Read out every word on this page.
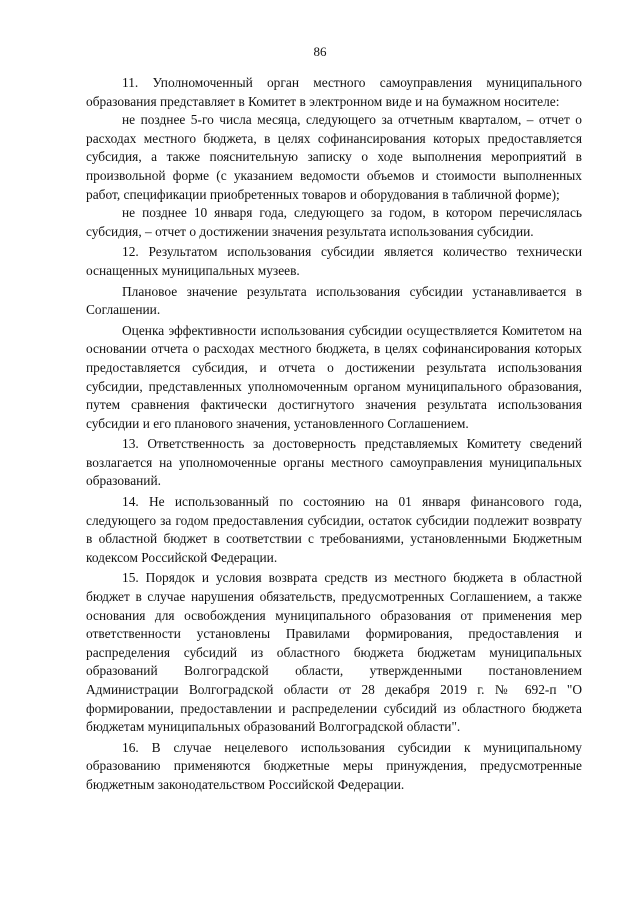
86

11. Уполномоченный орган местного самоуправления муниципального образования представляет в Комитет в электронном виде и на бумажном носителе:

не позднее 5-го числа месяца, следующего за отчетным кварталом, – отчет о расходах местного бюджета, в целях софинансирования которых предоставляется субсидия, а также пояснительную записку о ходе выполнения мероприятий в произвольной форме (с указанием ведомости объемов и стоимости выполненных работ, спецификации приобретенных товаров и оборудования в табличной форме);

не позднее 10 января года, следующего за годом, в котором перечислялась субсидия, – отчет о достижении значения результата использования субсидии.

12. Результатом использования субсидии является количество технически оснащенных муниципальных музеев.

Плановое значение результата использования субсидии устанавливается в Соглашении.

Оценка эффективности использования субсидии осуществляется Комитетом на основании отчета о расходах местного бюджета, в целях софинансирования которых предоставляется субсидия, и отчета о достижении результата использования субсидии, представленных уполномоченным органом муниципального образования, путем сравнения фактически достигнутого значения результата использования субсидии и его планового значения, установленного Соглашением.

13. Ответственность за достоверность представляемых Комитету сведений возлагается на уполномоченные органы местного самоуправления муниципальных образований.

14. Не использованный по состоянию на 01 января финансового года, следующего за годом предоставления субсидии, остаток субсидии подлежит возврату в областной бюджет в соответствии с требованиями, установленными Бюджетным кодексом Российской Федерации.

15. Порядок и условия возврата средств из местного бюджета в областной бюджет в случае нарушения обязательств, предусмотренных Соглашением, а также основания для освобождения муниципального образования от применения мер ответственности установлены Правилами формирования, предоставления и распределения субсидий из областного бюджета бюджетам муниципальных образований Волгоградской области, утвержденными постановлением Администрации Волгоградской области от 28 декабря 2019 г. № 692-п "О формировании, предоставлении и распределении субсидий из областного бюджета бюджетам муниципальных образований Волгоградской области".

16. В случае нецелевого использования субсидии к муниципальному образованию применяются бюджетные меры принуждения, предусмотренные бюджетным законодательством Российской Федерации.
